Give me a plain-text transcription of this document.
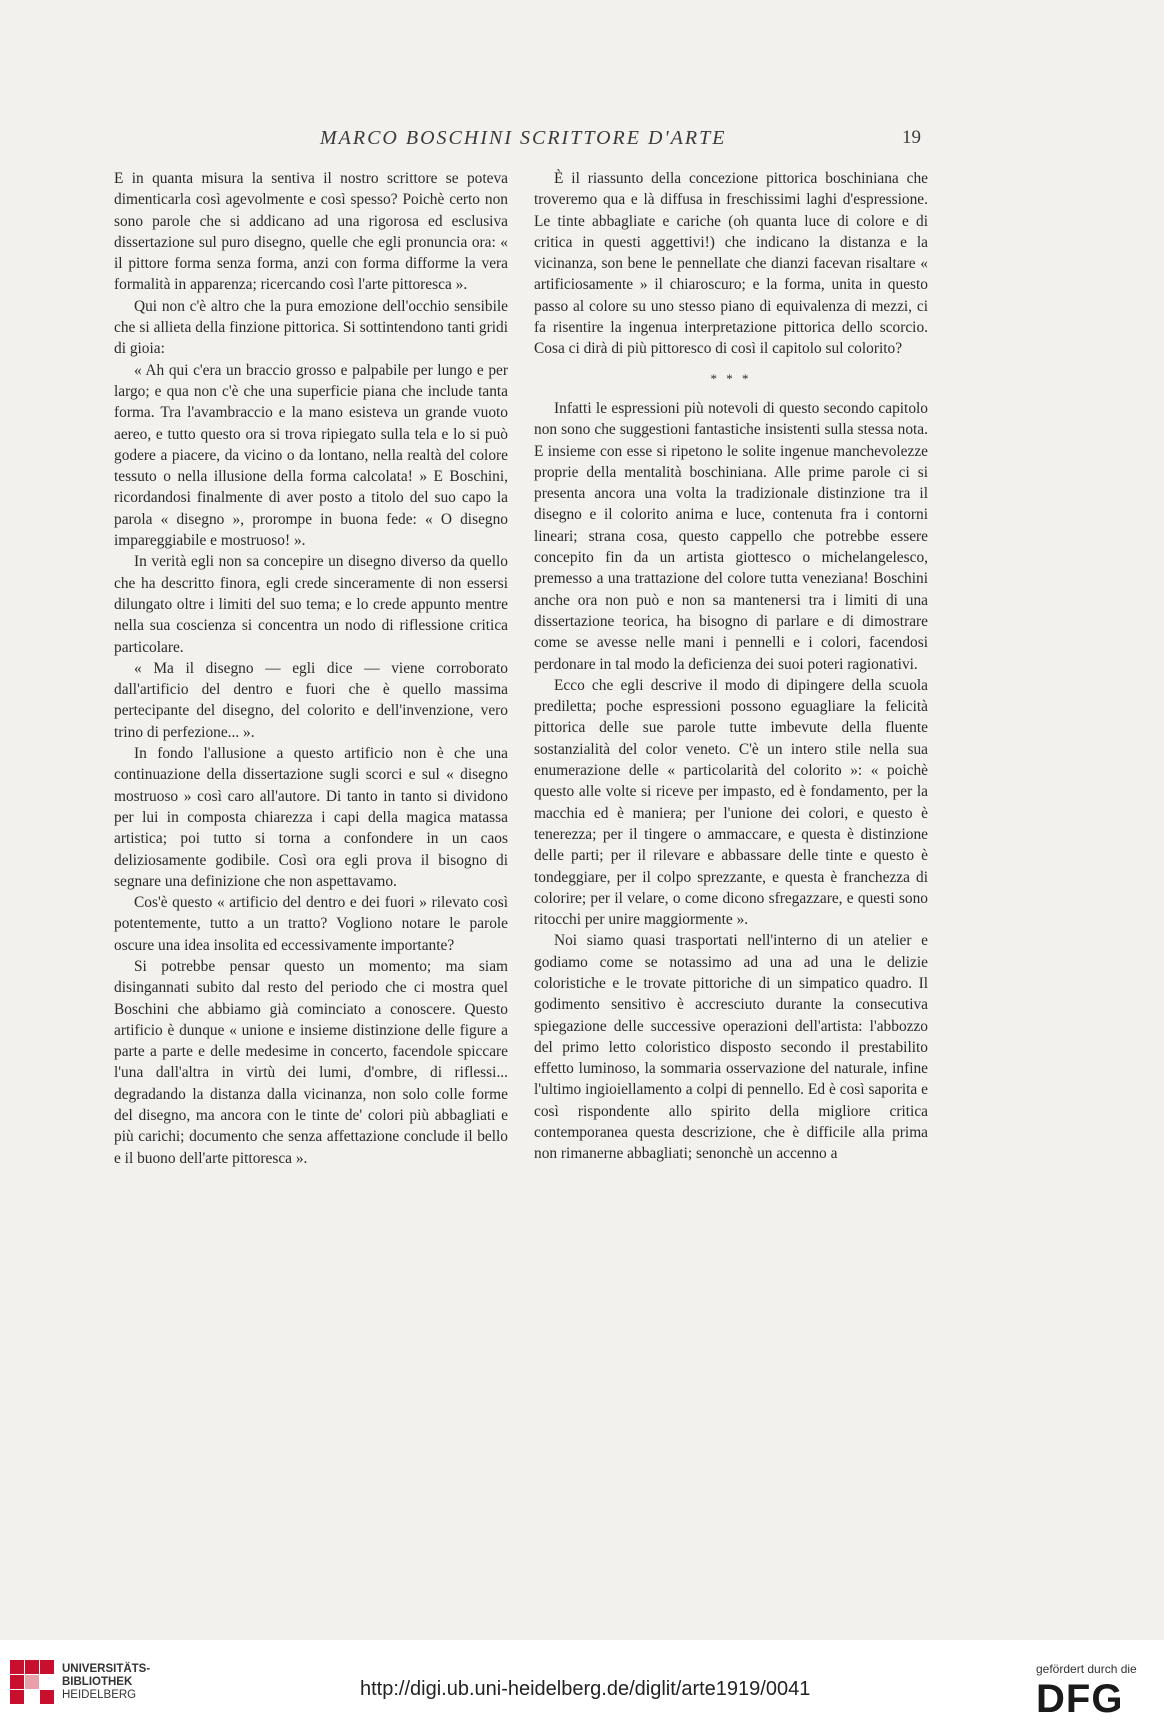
MARCO BOSCHINI SCRITTORE D'ARTE	19

E in quanta misura la sentiva il nostro scrittore se poteva dimenticarla così agevolmente e così spesso? Poichè certo non sono parole che si addicano ad una rigorosa ed esclusiva dissertazione sul puro disegno, quelle che egli pronuncia ora: « il pittore forma senza forma, anzi con forma difforme la vera formalità in apparenza; ricercando così l'arte pittoresca ».

Qui non c'è altro che la pura emozione dell'occhio sensibile che si allieta della finzione pittorica. Si sottintendono tanti gridi di gioia:

« Ah qui c'era un braccio grosso e palpabile per lungo e per largo; e qua non c'è che una superficie piana che include tanta forma. Tra l'avambraccio e la mano esisteva un grande vuoto aereo, e tutto questo ora si trova ripiegato sulla tela e lo si può godere a piacere, da vicino o da lontano, nella realtà del colore tessuto o nella illusione della forma calcolata! » E Boschini, ricordandosi finalmente di aver posto a titolo del suo capo la parola « disegno », prorompe in buona fede: « O disegno impareggiabile e mostruoso! ».

In verità egli non sa concepire un disegno diverso da quello che ha descritto finora, egli crede sinceramente di non essersi dilungato oltre i limiti del suo tema; e lo crede appunto mentre nella sua coscienza si concentra un nodo di riflessione critica particolare.

« Ma il disegno — egli dice — viene corroborato dall'artificio del dentro e fuori che è quello massima pertecipante del disegno, del colorito e dell'invenzione, vero trino di perfezione... ».

In fondo l'allusione a questo artificio non è che una continuazione della dissertazione sugli scorci e sul « disegno mostruoso » così caro all'autore. Di tanto in tanto si dividono per lui in composta chiarezza i capi della magica matassa artistica; poi tutto si torna a confondere in un caos deliziosamente godibile. Così ora egli prova il bisogno di segnare una definizione che non aspettavamo.

Cos'è questo « artificio del dentro e dei fuori » rilevato così potentemente, tutto a un tratto? Vogliono notare le parole oscure una idea insolita ed eccessivamente importante?

Si potrebbe pensar questo un momento; ma siam disingannati subito dal resto del periodo che ci mostra quel Boschini che abbiamo già cominciato a conoscere. Questo artificio è dunque « unione e insieme distinzione delle figure a parte a parte e delle medesime in concerto, facendole spiccare l'una dall'altra in virtù dei lumi, d'ombre, di riflessi... degradando la distanza dalla vicinanza, non solo colle forme del disegno, ma ancora con le tinte de' colori più abbagliati e più carichi; documento che senza affettazione conclude il bello e il buono dell'arte pittoresca ».

È il riassunto della concezione pittorica boschiniana che troveremo qua e là diffusa in freschissimi laghi d'espressione. Le tinte abbagliate e cariche (oh quanta luce di colore e di critica in questi aggettivi!) che indicano la distanza e la vicinanza, son bene le pennellate che dianzi facevan risaltare « artificiosamente » il chiaroscuro; e la forma, unita in questo passo al colore su uno stesso piano di equivalenza di mezzi, ci fa risentire la ingenua interpretazione pittorica dello scorcio. Cosa ci dirà di più pittoresco di così il capitolo sul colorito?

* * *

Infatti le espressioni più notevoli di questo secondo capitolo non sono che suggestioni fantastiche insistenti sulla stessa nota. E insieme con esse si ripetono le solite ingenue manchevolezze proprie della mentalità boschiniana. Alle prime parole ci si presenta ancora una volta la tradizionale distinzione tra il disegno e il colorito anima e luce, contenuta fra i contorni lineari; strana cosa, questo cappello che potrebbe essere concepito fin da un artista giottesco o michelangelesco, premesso a una trattazione del colore tutta veneziana! Boschini anche ora non può e non sa mantenersi tra i limiti di una dissertazione teorica, ha bisogno di parlare e di dimostrare come se avesse nelle mani i pennelli e i colori, facendosi perdonare in tal modo la deficienza dei suoi poteri ragionativi.

Ecco che egli descrive il modo di dipingere della scuola prediletta; poche espressioni possono eguagliare la felicità pittorica delle sue parole tutte imbevute della fluente sostanzialità del color veneto. C'è un intero stile nella sua enumerazione delle « particolarità del colorito »: « poichè questo alle volte si riceve per impasto, ed è fondamento, per la macchia ed è maniera; per l'unione dei colori, e questo è tenerezza; per il tingere o ammaccare, e questa è distinzione delle parti; per il rilevare e abbassare delle tinte e questo è tondeggiare, per il colpo sprezzante, e questa è franchezza di colorire; per il velare, o come dicono sfregazzare, e questi sono ritocchi per unire maggiormente ».

Noi siamo quasi trasportati nell'interno di un atelier e godiamo come se notassimo ad una ad una le delizie coloristiche e le trovate pittoriche di un simpatico quadro. Il godimento sensitivo è accresciuto durante la consecutiva spiegazione delle successive operazioni dell'artista: l'abbozzo del primo letto coloristico disposto secondo il prestabilito effetto luminoso, la sommaria osservazione del naturale, infine l'ultimo ingioiellamento a colpi di pennello. Ed è così saporita e così rispondente allo spirito della migliore critica contemporanea questa descrizione, che è difficile alla prima non rimanerne abbagliati; senonchè un accenno a

UNIVERSITÄTS-
BIBLIOTHEK
HEIDELBERG	http://digi.ub.uni-heidelberg.de/diglit/arte1919/0041
gefördert durch die
DFG
